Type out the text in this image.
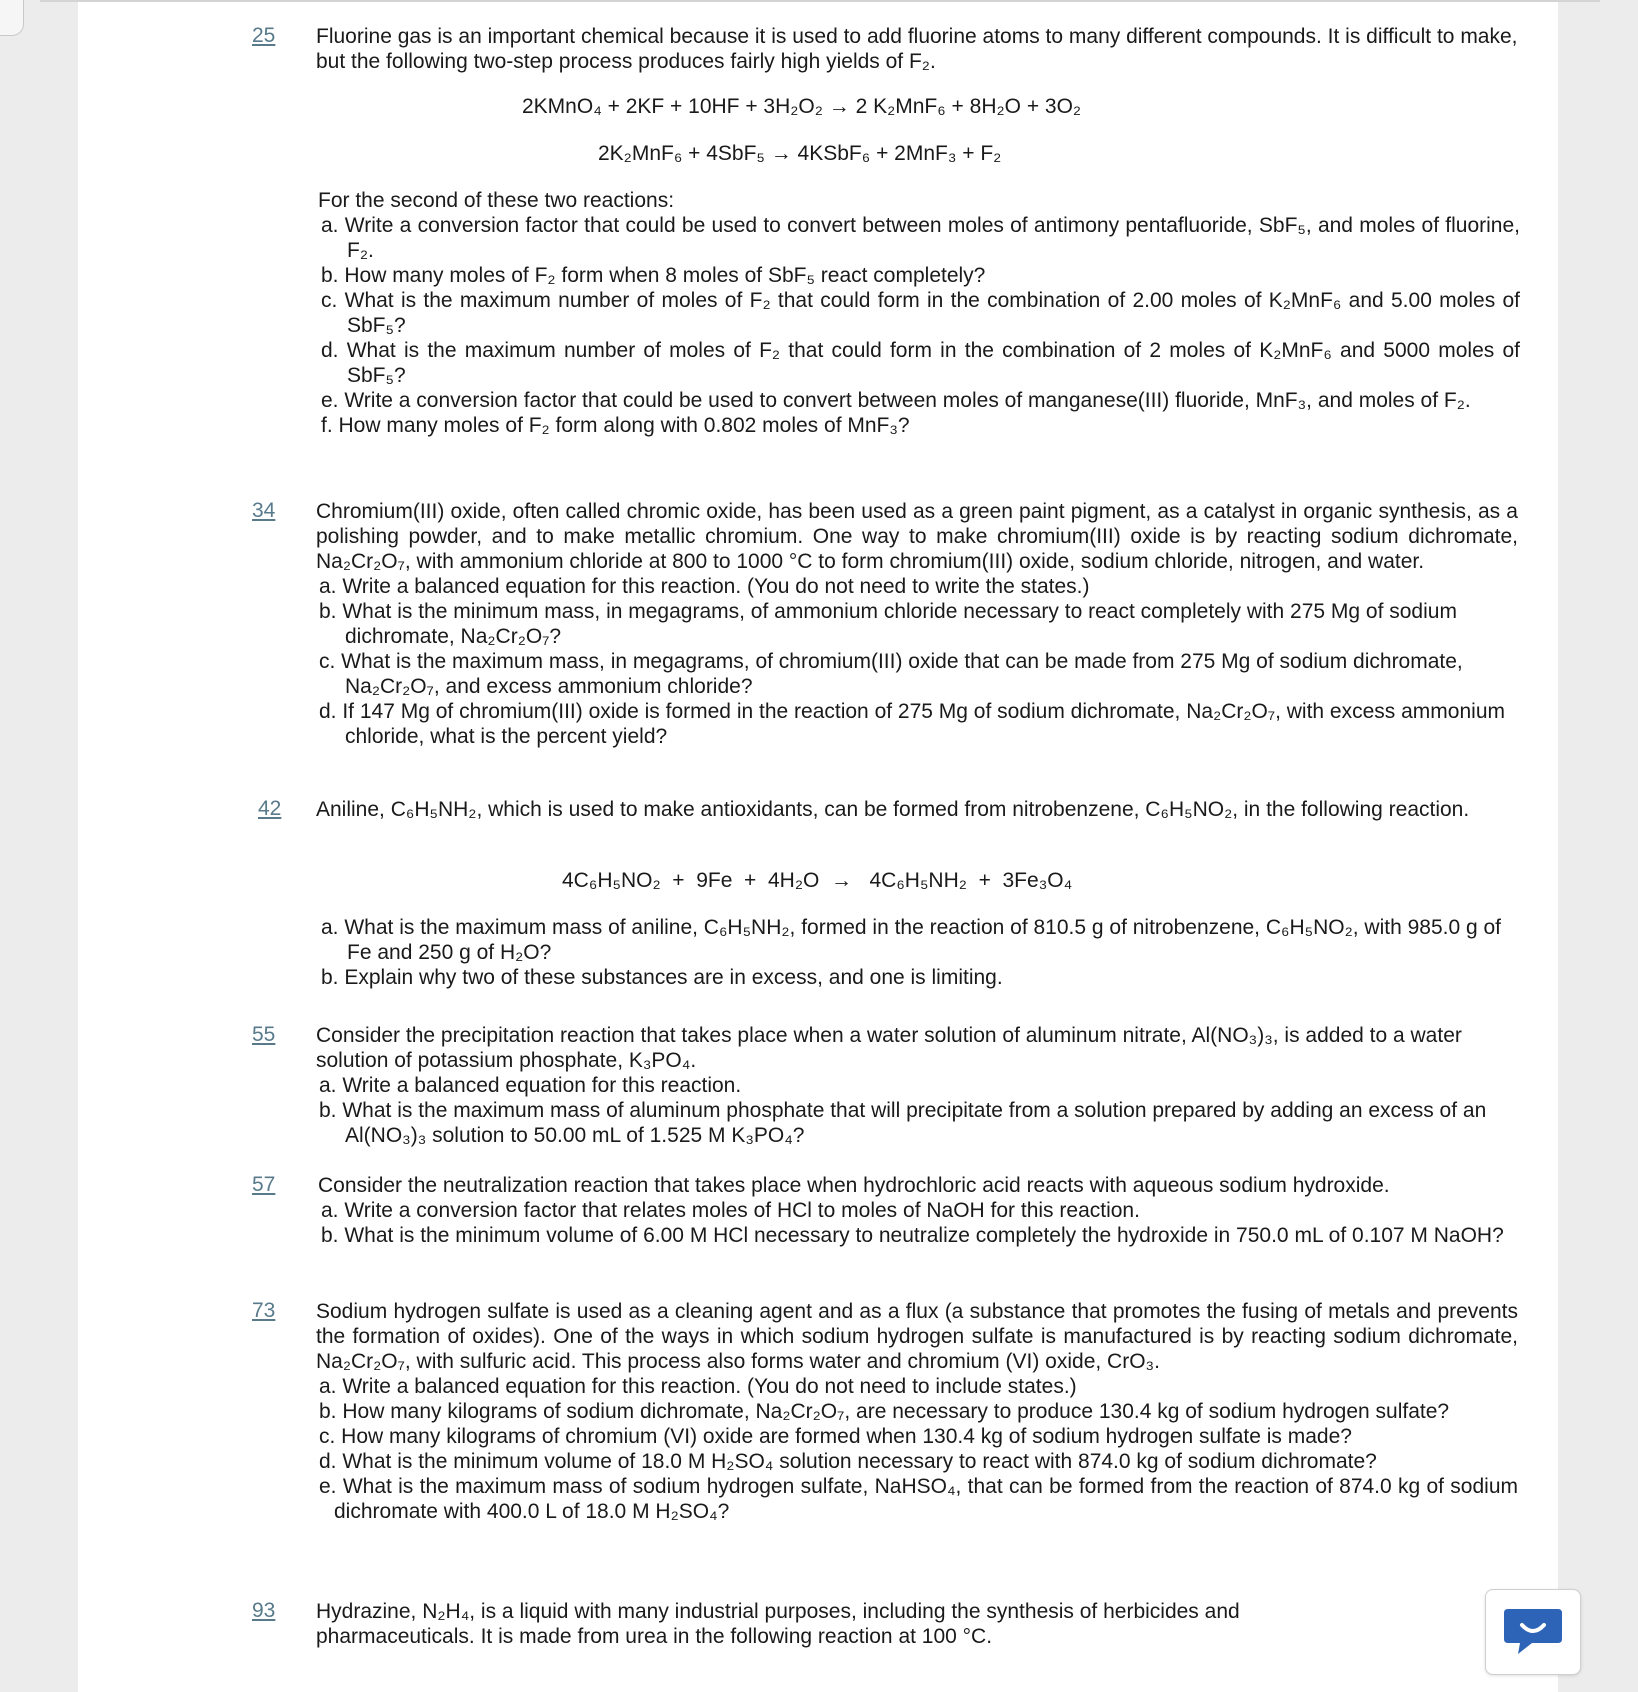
25	Fluorine gas is an important chemical because it is used to add fluorine atoms to many different compounds. It is difficult to make, but the following two-step process produces fairly high yields of F₂.

2KMnO₄ + 2KF + 10HF + 3H₂O₂ → 2 K₂MnF₆ + 8H₂O + 3O₂
2K₂MnF₆ + 4SbF₅ → 4KSbF₆ + 2MnF₃ + F₂

For the second of these two reactions:

a. Write a conversion factor that could be used to convert between moles of antimony pentafluoride, SbF₅, and moles of fluorine, F₂.

b. How many moles of F₂ form when 8 moles of SbF₅ react completely?

c. What is the maximum number of moles of F₂ that could form in the combination of 2.00 moles of K₂MnF₆ and 5.00 moles of SbF₅?

d. What is the maximum number of moles of F₂ that could form in the combination of 2 moles of K₂MnF₆ and 5000 moles of SbF₅?

e. Write a conversion factor that could be used to convert between moles of manganese(III) fluoride, MnF₃, and moles of F₂.

f. How many moles of F₂ form along with 0.802 moles of MnF₃?

34	Chromium(III) oxide, often called chromic oxide, has been used as a green paint pigment, as a catalyst in organic synthesis, as a polishing powder, and to make metallic chromium. One way to make chromium(III) oxide is by reacting sodium dichromate, Na₂Cr₂O₇, with ammonium chloride at 800 to 1000 °C to form chromium(III) oxide, sodium chloride, nitrogen, and water.

a. Write a balanced equation for this reaction. (You do not need to write the states.)

b. What is the minimum mass, in megagrams, of ammonium chloride necessary to react completely with 275 Mg of sodium dichromate, Na₂Cr₂O₇?

c. What is the maximum mass, in megagrams, of chromium(III) oxide that can be made from 275 Mg of sodium dichromate, Na₂Cr₂O₇, and excess ammonium chloride?

d. If 147 Mg of chromium(III) oxide is formed in the reaction of 275 Mg of sodium dichromate, Na₂Cr₂O₇, with excess ammonium chloride, what is the percent yield?

42	Aniline, C₆H₅NH₂, which is used to make antioxidants, can be formed from nitrobenzene, C₆H₅NO₂, in the following reaction.

4C₆H₅NO₂  +  9Fe  +  4H₂O  →   4C₆H₅NH₂  +  3Fe₃O₄

a. What is the maximum mass of aniline, C₆H₅NH₂, formed in the reaction of 810.5 g of nitrobenzene, C₆H₅NO₂, with 985.0 g of Fe and 250 g of H₂O?

b. Explain why two of these substances are in excess, and one is limiting.

55	Consider the precipitation reaction that takes place when a water solution of aluminum nitrate, Al(NO₃)₃, is added to a water solution of potassium phosphate, K₃PO₄.

a. Write a balanced equation for this reaction.

b. What is the maximum mass of aluminum phosphate that will precipitate from a solution prepared by adding an excess of an Al(NO₃)₃ solution to 50.00 mL of 1.525 M K₃PO₄?

57	Consider the neutralization reaction that takes place when hydrochloric acid reacts with aqueous sodium hydroxide.

a. Write a conversion factor that relates moles of HCl to moles of NaOH for this reaction.

b. What is the minimum volume of 6.00 M HCl necessary to neutralize completely the hydroxide in 750.0 mL of 0.107 M NaOH?

73	Sodium hydrogen sulfate is used as a cleaning agent and as a flux (a substance that promotes the fusing of metals and prevents the formation of oxides). One of the ways in which sodium hydrogen sulfate is manufactured is by reacting sodium dichromate, Na₂Cr₂O₇, with sulfuric acid. This process also forms water and chromium (VI) oxide, CrO₃.

a. Write a balanced equation for this reaction. (You do not need to include states.)

b. How many kilograms of sodium dichromate, Na₂Cr₂O₇, are necessary to produce 130.4 kg of sodium hydrogen sulfate?

c. How many kilograms of chromium (VI) oxide are formed when 130.4 kg of sodium hydrogen sulfate is made?

d. What is the minimum volume of 18.0 M H₂SO₄ solution necessary to react with 874.0 kg of sodium dichromate?

e. What is the maximum mass of sodium hydrogen sulfate, NaHSO₄, that can be formed from the reaction of 874.0 kg of sodium dichromate with 400.0 L of 18.0 M H₂SO₄?

93	Hydrazine, N₂H₄, is a liquid with many industrial purposes, including the synthesis of herbicides and pharmaceuticals. It is made from urea in the following reaction at 100 °C.
